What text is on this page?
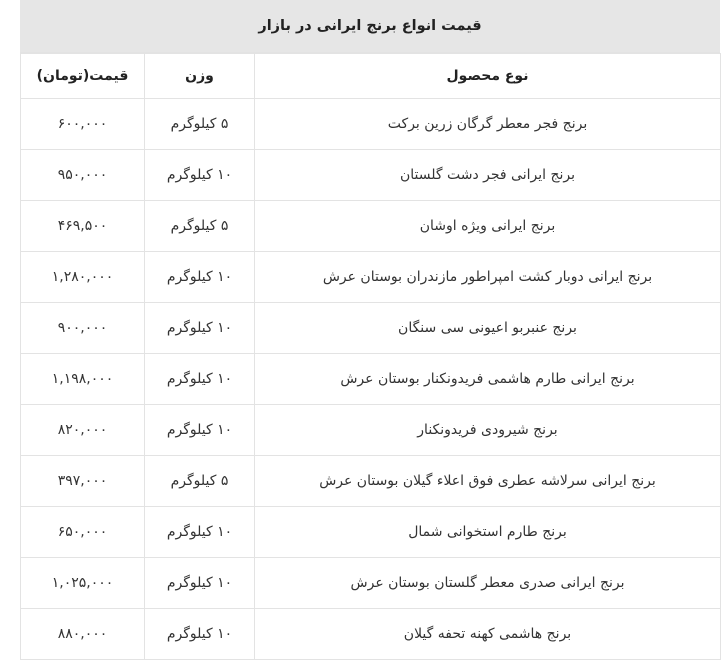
قیمت انواع برنج ایرانی در بازار
قیمت(تومان)	وزن	نوع محصول
۶۰۰,۰۰۰	۵ کیلوگرم	برنج فجر معطر گرگان زرین برکت
۹۵۰,۰۰۰	۱۰ کیلوگرم	برنج ایرانی فجر دشت گلستان
۴۶۹,۵۰۰	۵ کیلوگرم	برنج ایرانی ویژه اوشان
۱,۲۸۰,۰۰۰	۱۰ کیلوگرم	برنج ایرانی دوبار کشت امپراطور مازندران بوستان عرش
۹۰۰,۰۰۰	۱۰ کیلوگرم	برنج عنبربو اعیونی سی سنگان
۱,۱۹۸,۰۰۰	۱۰ کیلوگرم	برنج ایرانی طارم هاشمی فریدونکنار بوستان عرش
۸۲۰,۰۰۰	۱۰ کیلوگرم	برنج شیرودی فریدونکنار
۳۹۷,۰۰۰	۵ کیلوگرم	برنج ایرانی سرلاشه عطری فوق اعلاء گیلان بوستان عرش
۶۵۰,۰۰۰	۱۰ کیلوگرم	برنج طارم استخوانی شمال
۱,۰۲۵,۰۰۰	۱۰ کیلوگرم	برنج ایرانی صدری معطر گلستان بوستان عرش
۸۸۰,۰۰۰	۱۰ کیلوگرم	برنج هاشمی کهنه تحفه گیلان
